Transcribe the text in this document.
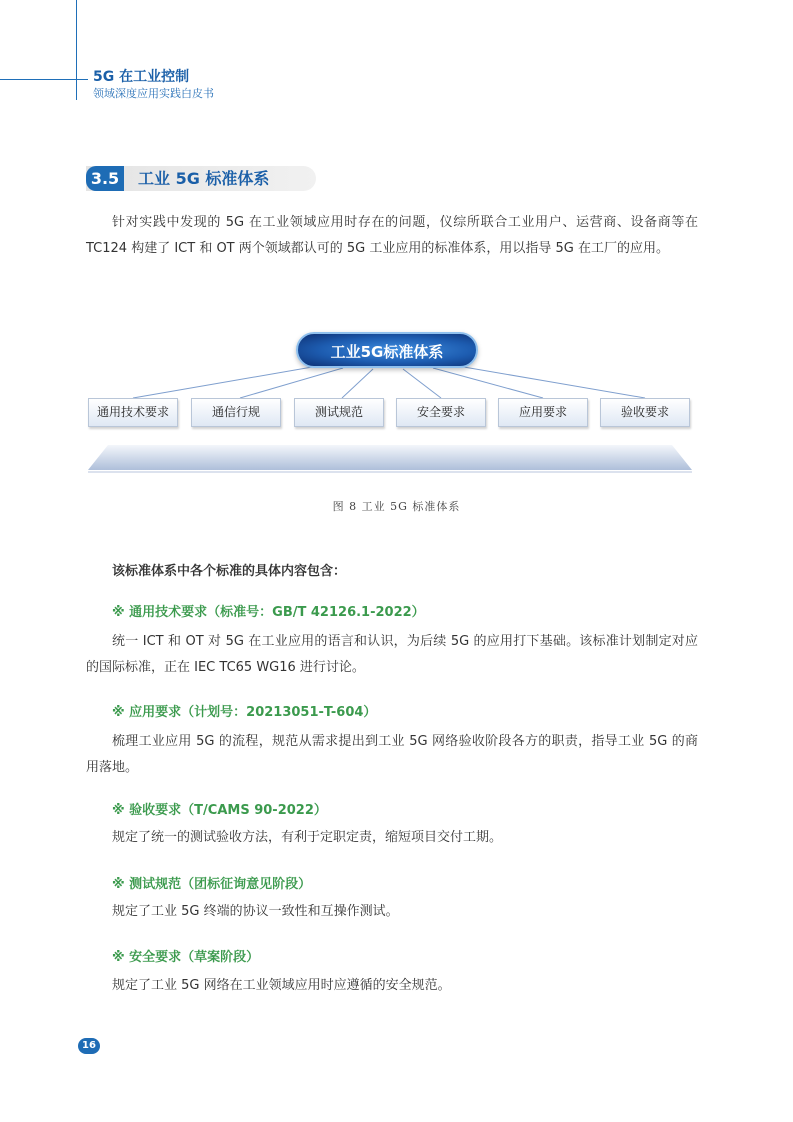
5G 在工业控制
领域深度应用实践白皮书
3.5	工业 5G 标准体系

针对实践中发现的 5G 在工业领域应用时存在的问题，仪综所联合工业用户、运营商、设备商等在 TC124 构建了 ICT 和 OT 两个领域都认可的 5G 工业应用的标准体系，用以指导 5G 在工厂的应用。

工业5G标准体系
通用技术要求	通信行规	测试规范	安全要求	应用要求	验收要求
图 8 工业 5G 标准体系
该标准体系中各个标准的具体内容包含：
※ 通用技术要求（标准号：GB/T 42126.1-2022）

统一 ICT 和 OT 对 5G 在工业应用的语言和认识，为后续 5G 的应用打下基础。该标准计划制定对应的国际标准，正在 IEC TC65 WG16 进行讨论。

※ 应用要求（计划号：20213051-T-604）

梳理工业应用 5G 的流程，规范从需求提出到工业 5G 网络验收阶段各方的职责，指导工业 5G 的商用落地。

※ 验收要求（T/CAMS 90-2022）

规定了统一的测试验收方法，有利于定职定责，缩短项目交付工期。

※ 测试规范（团标征询意见阶段）

规定了工业 5G 终端的协议一致性和互操作测试。

※ 安全要求（草案阶段）

规定了工业 5G 网络在工业领域应用时应遵循的安全规范。

16
